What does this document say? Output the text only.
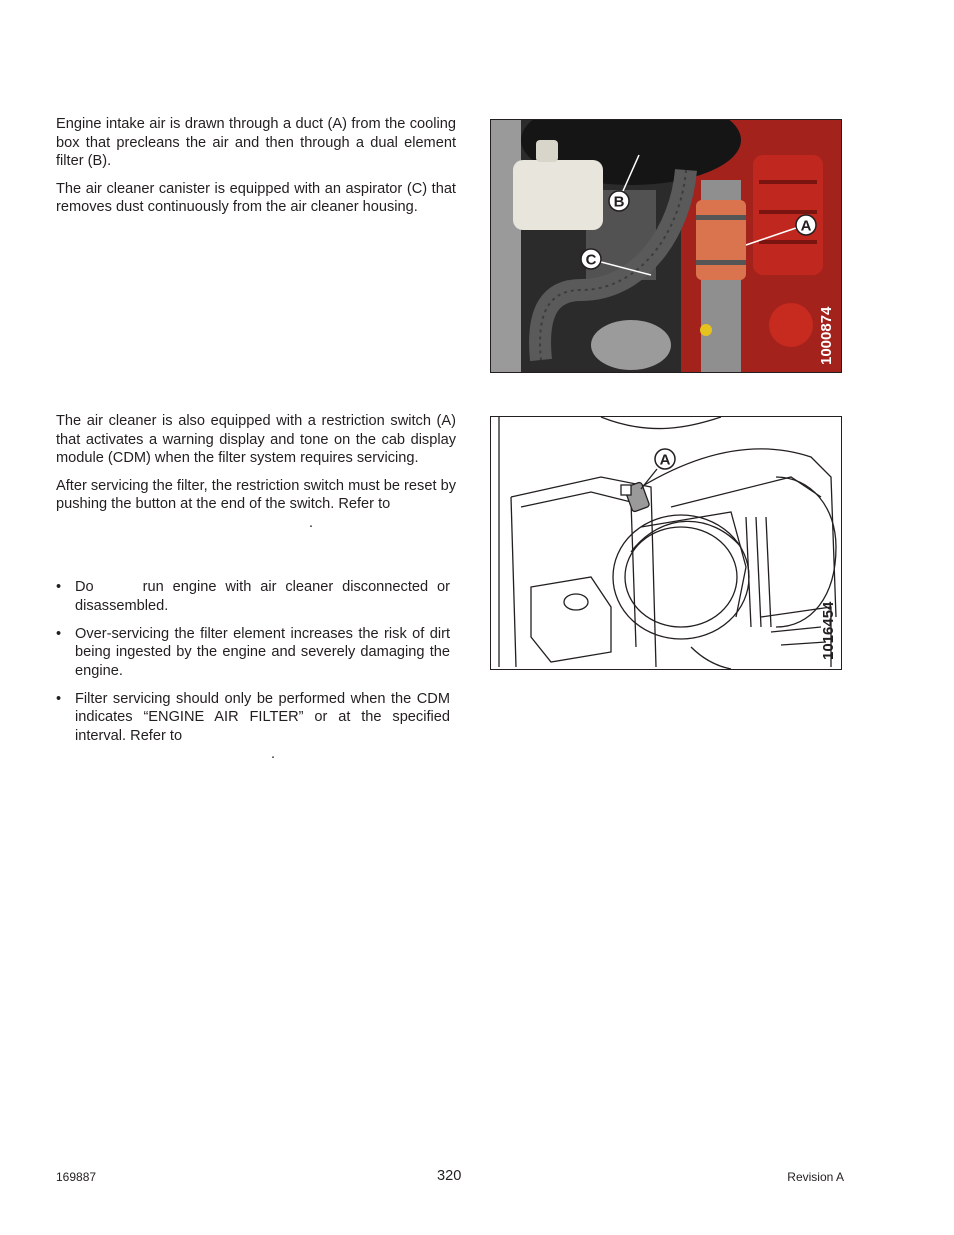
Engine intake air is drawn through a duct (A) from the cooling box that precleans the air and then through a dual element filter (B).

The air cleaner canister is equipped with an aspirator (C) that removes dust continuously from the air cleaner housing.	B
A
C
1000874

The air cleaner is also equipped with a restriction switch (A) that activates a warning display and tone on the cab display module (CDM) when the filter system requires servicing.

After servicing the filter, the restriction switch must be reset by pushing the button at the end of the switch. Refer to

.
A
1016454
• Do	run engine with air cleaner disconnected or disassembled.
• Over-servicing the filter element increases the risk of dirt being ingested by the engine and severely damaging the engine.
• Filter servicing should only be performed when the CDM indicates “ENGINE AIR FILTER” or at the specified interval. Refer to
.
169887	320	Revision A
